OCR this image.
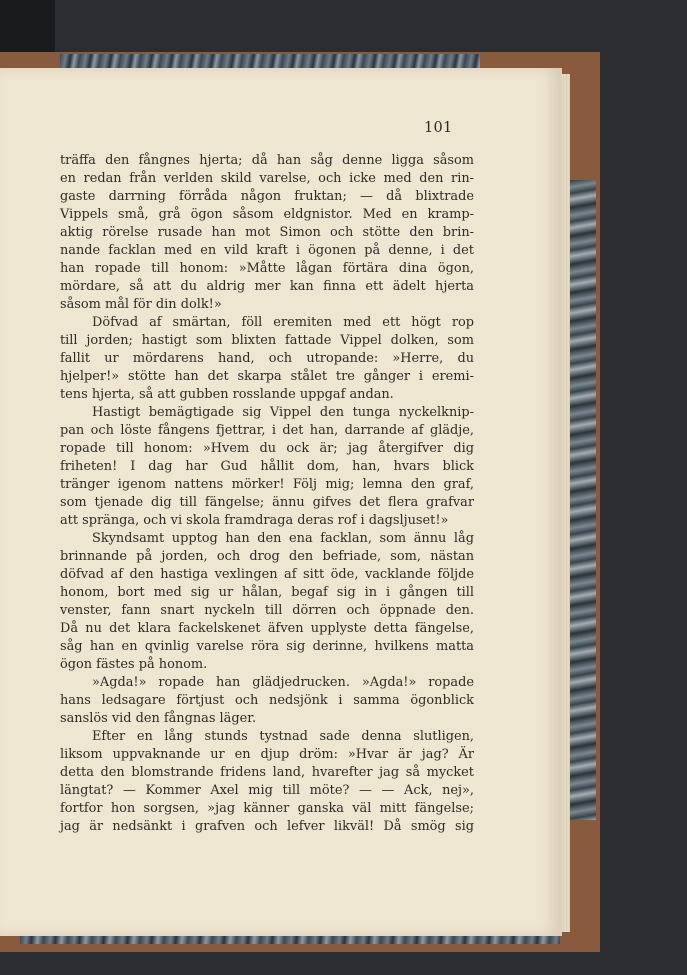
101
träffa den fångnes hjerta; då han såg denne ligga såsom
en redan från verlden skild varelse, och icke med den rin-
gaste darrning förråda någon fruktan; — då blixtrade
Vippels små, grå ögon såsom eldgnistor. Med en kramp-
aktig rörelse rusade han mot Simon och stötte den brin-
nande facklan med en vild kraft i ögonen på denne, i det
han ropade till honom: »Måtte lågan förtära dina ögon,
mördare, så att du aldrig mer kan finna ett ädelt hjerta
såsom mål för din dolk!»
Döfvad af smärtan, föll eremiten med ett högt rop
till jorden; hastigt som blixten fattade Vippel dolken, som
fallit ur mördarens hand, och utropande: »Herre, du
hjelper!» stötte han det skarpa stålet tre gånger i eremi-
tens hjerta, så att gubben rosslande uppgaf andan.
Hastigt bemägtigade sig Vippel den tunga nyckelknip-
pan och löste fångens fjettrar, i det han, darrande af glädje,
ropade till honom: »Hvem du ock är; jag återgifver dig
friheten! I dag har Gud hållit dom, han, hvars blick
tränger igenom nattens mörker! Följ mig; lemna den graf,
som tjenade dig till fängelse; ännu gifves det flera grafvar
att spränga, och vi skola framdraga deras rof i dagsljuset!»
Skyndsamt upptog han den ena facklan, som ännu låg
brinnande på jorden, och drog den befriade, som, nästan
döfvad af den hastiga vexlingen af sitt öde, vacklande följde
honom, bort med sig ur hålan, begaf sig in i gången till
venster, fann snart nyckeln till dörren och öppnade den.
Då nu det klara fackelskenet äfven upplyste detta fängelse,
såg han en qvinlig varelse röra sig derinne, hvilkens matta
ögon fästes på honom.
»Agda!» ropade han glädjedrucken. »Agda!» ropade
hans ledsagare förtjust och nedsjönk i samma ögonblick
sanslös vid den fångnas läger.
Efter en lång stunds tystnad sade denna slutligen,
liksom uppvaknande ur en djup dröm: »Hvar är jag? Är
detta den blomstrande fridens land, hvarefter jag så mycket
längtat? — Kommer Axel mig till möte? — — Ack, nej»,
fortfor hon sorgsen, »jag känner ganska väl mitt fängelse;
jag är nedsänkt i grafven och lefver likväl! Då smög sig
